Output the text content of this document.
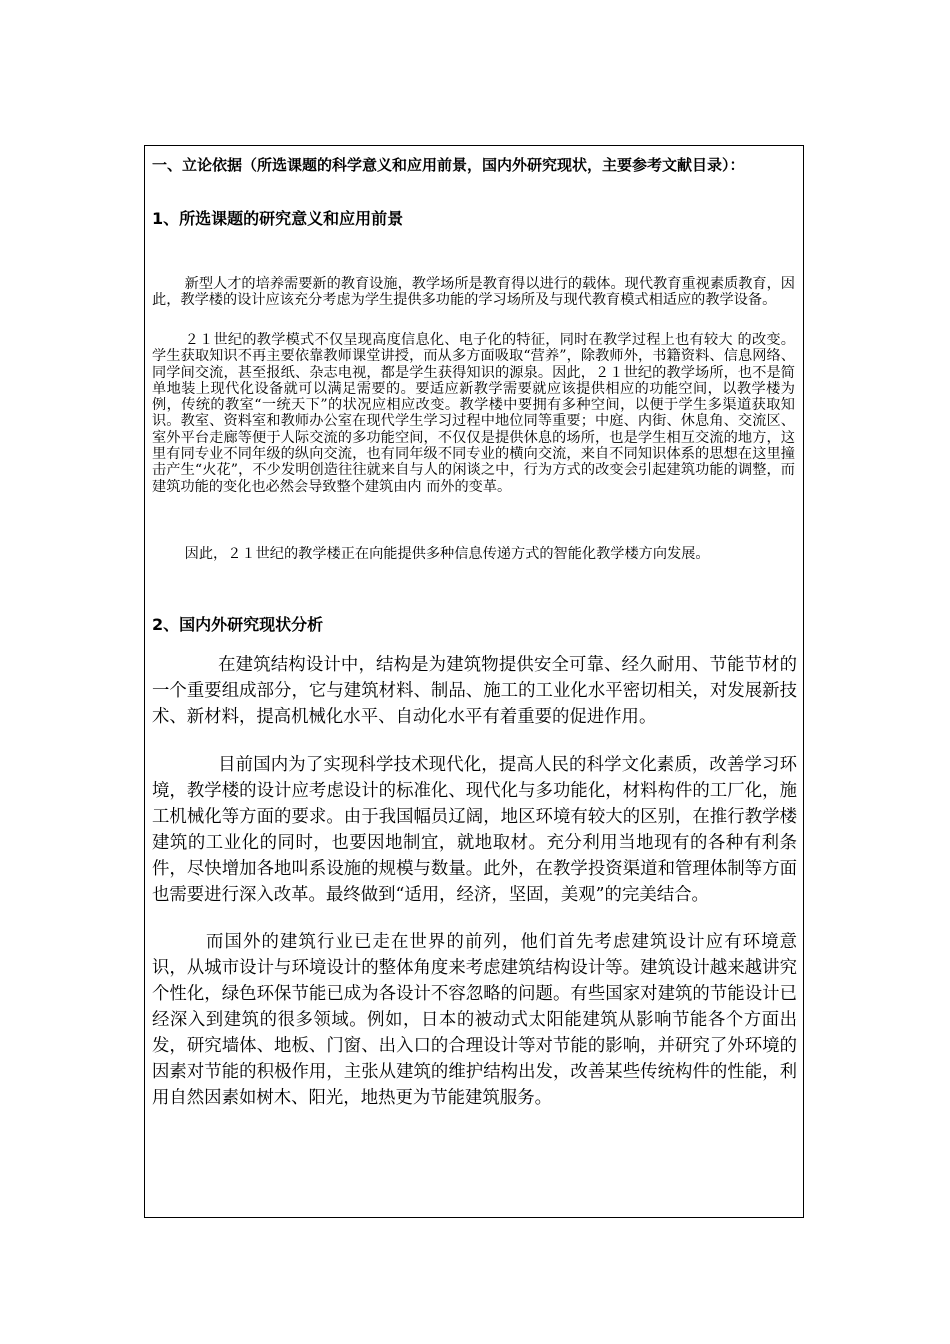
一、立论依据（所选课题的科学意义和应用前景，国内外研究现状，主要参考文献目录）：
1、所选课题的研究意义和应用前景

新型人才的培养需要新的教育设施，教学场所是教育得以进行的载体。现代教育重视素质教育，因此，教学楼的设计应该充分考虑为学生提供多功能的学习场所及与现代教育模式相适应的教学设备。

２１世纪的教学模式不仅呈现高度信息化、电子化的特征，同时在教学过程上也有较大 的改变。学生获取知识不再主要依靠教师课堂讲授，而从多方面吸取“营养”，除教师外，书籍资料、信息网络、同学间交流，甚至报纸、杂志电视，都是学生获得知识的源泉。因此，２１世纪的教学场所，也不是简单地装上现代化设备就可以满足需要的。要适应新教学需要就应该提供相应的功能空间，以教学楼为例，传统的教室“一统天下”的状况应相应改变。教学楼中要拥有多种空间，以便于学生多渠道获取知识。教室、资料室和教师办公室在现代学生学习过程中地位同等重要；中庭、内街、休息角、交流区、室外平台走廊等便于人际交流的多功能空间，不仅仅是提供休息的场所，也是学生相互交流的地方，这里有同专业不同年级的纵向交流，也有同年级不同专业的横向交流，来自不同知识体系的思想在这里撞击产生“火花”，不少发明创造往往就来自与人的闲谈之中，行为方式的改变会引起建筑功能的调整，而建筑功能的变化也必然会导致整个建筑由内 而外的变革。

因此，２１世纪的教学楼正在向能提供多种信息传递方式的智能化教学楼方向发展。

2、国内外研究现状分析

在建筑结构设计中，结构是为建筑物提供安全可靠、经久耐用、节能节材的一个重要组成部分，它与建筑材料、制品、施工的工业化水平密切相关，对发展新技术、新材料，提高机械化水平、自动化水平有着重要的促进作用。

目前国内为了实现科学技术现代化，提高人民的科学文化素质，改善学习环境，教学楼的设计应考虑设计的标准化、现代化与多功能化，材料构件的工厂化，施工机械化等方面的要求。由于我国幅员辽阔，地区环境有较大的区别，在推行教学楼建筑的工业化的同时，也要因地制宜，就地取材。充分利用当地现有的各种有利条件，尽快增加各地叫系设施的规模与数量。此外，在教学投资渠道和管理体制等方面也需要进行深入改革。最终做到“适用，经济，坚固，美观”的完美结合。

而国外的建筑行业已走在世界的前列，他们首先考虑建筑设计应有环境意识，从城市设计与环境设计的整体角度来考虑建筑结构设计等。建筑设计越来越讲究个性化，绿色环保节能已成为各设计不容忽略的问题。有些国家对建筑的节能设计已经深入到建筑的很多领域。例如，日本的被动式太阳能建筑从影响节能各个方面出发，研究墙体、地板、门窗、出入口的合理设计等对节能的影响，并研究了外环境的因素对节能的积极作用，主张从建筑的维护结构出发，改善某些传统构件的性能，利用自然因素如树木、阳光，地热更为节能建筑服务。
